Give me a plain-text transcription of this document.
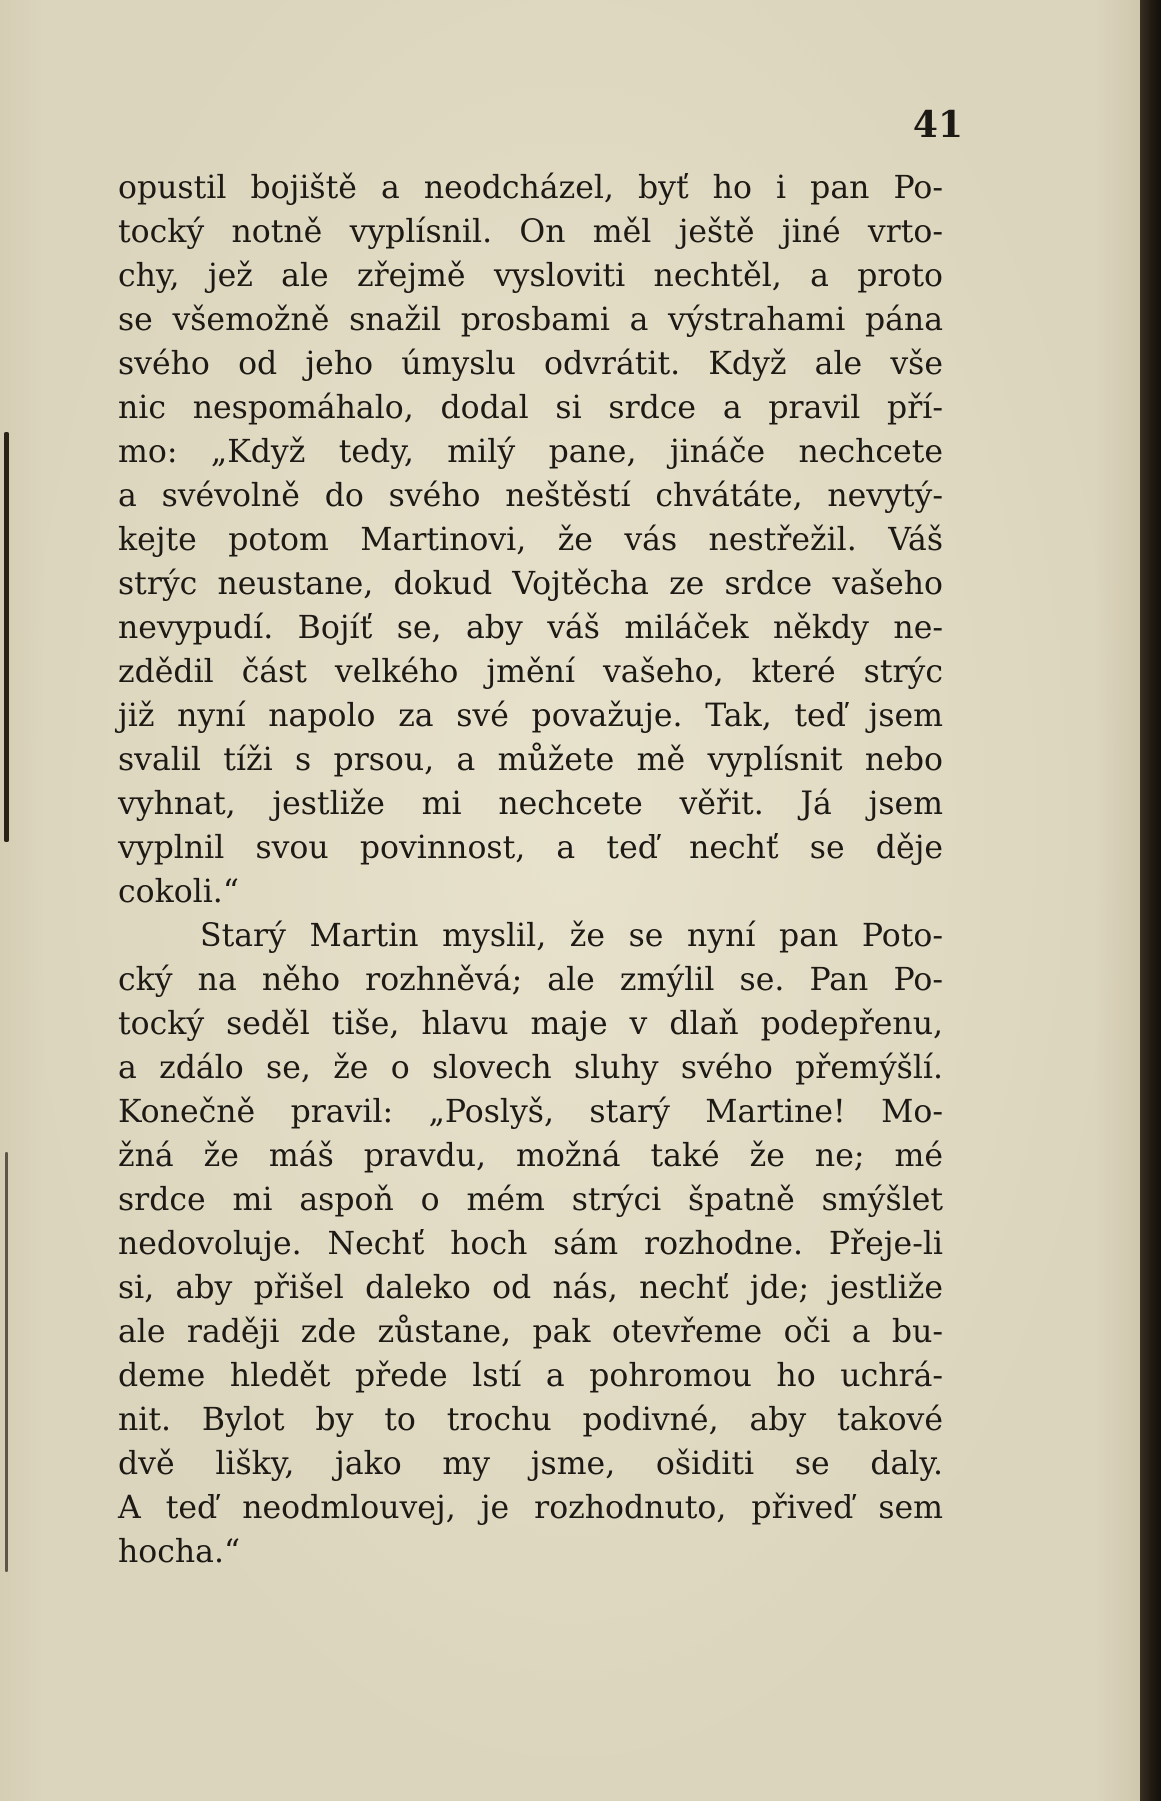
41
opustil bojiště a neodcházel, byť ho i pan Po-
tocký notně vyplísnil. On měl ještě jiné vrto-
chy, jež ale zřejmě vysloviti nechtěl, a proto
se všemožně snažil prosbami a výstrahami pána
svého od jeho úmyslu odvrátit. Když ale vše
nic nespomáhalo, dodal si srdce a pravil pří-
mo: „Když tedy, milý pane, jináče nechcete
a svévolně do svého neštěstí chvátáte, nevytý-
kejte potom Martinovi, že vás nestřežil. Váš
strýc neustane, dokud Vojtěcha ze srdce vašeho
nevypudí. Bojíť se, aby váš miláček někdy ne-
zdědil část velkého jmění vašeho, které strýc
již nyní napolo za své považuje. Tak, teď jsem
svalil tíži s prsou, a můžete mě vyplísnit nebo
vyhnat, jestliže mi nechcete věřit. Já jsem
vyplnil svou povinnost, a teď nechť se děje
cokoli.“
Starý Martin myslil, že se nyní pan Poto-
cký na něho rozhněvá; ale zmýlil se. Pan Po-
tocký seděl tiše, hlavu maje v dlaň podepřenu,
a zdálo se, že o slovech sluhy svého přemýšlí.
Konečně pravil: „Poslyš, starý Martine! Mo-
žná že máš pravdu, možná také že ne; mé
srdce mi aspoň o mém strýci špatně smýšlet
nedovoluje. Nechť hoch sám rozhodne. Přeje-li
si, aby přišel daleko od nás, nechť jde; jestliže
ale raději zde zůstane, pak otevřeme oči a bu-
deme hledět přede lstí a pohromou ho uchrá-
nit. Bylot by to trochu podivné, aby takové
dvě lišky, jako my jsme, ošiditi se daly.
A teď neodmlouvej, je rozhodnuto, přiveď sem
hocha.“
